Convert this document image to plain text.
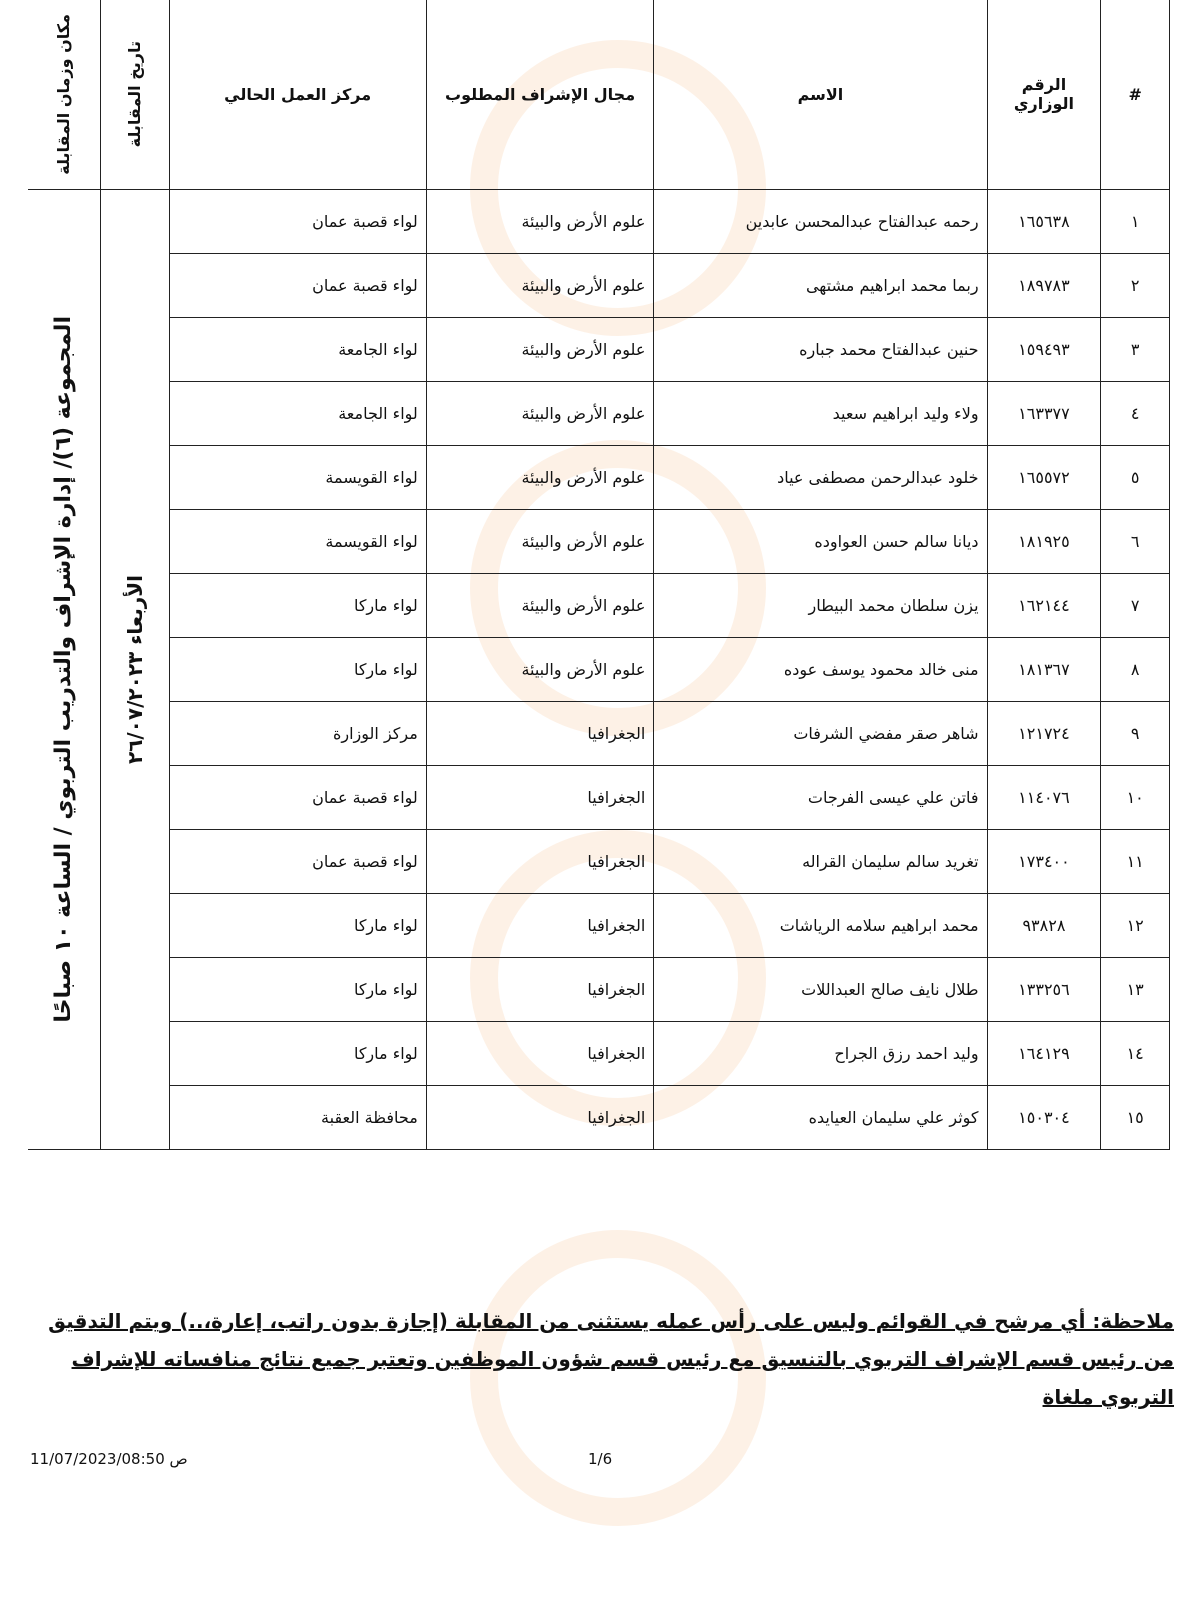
#	الرقم الوزاري	الاسم	مجال الإشراف المطلوب	مركز العمل الحالي	تاريخ المقابلة	مكان وزمان المقابلة

١	١٦٥٦٣٨	رحمه عبدالفتاح عبدالمحسن عابدين	علوم الأرض والبيئة	لواء قصبة عمان	الأربعاء ٢٦/٠٧/٢٠٢٣	المجموعة (٦)/ إدارة الإشراف والتدريب التربوي / الساعة ١٠ صباحًا

٢	١٨٩٧٨٣	ربما محمد ابراهيم مشتهى	علوم الأرض والبيئة	لواء قصبة عمان		
٣	١٥٩٤٩٣	حنين عبدالفتاح محمد جباره	علوم الأرض والبيئة	لواء الجامعة		
٤	١٦٣٣٧٧	ولاء وليد ابراهيم سعيد	علوم الأرض والبيئة	لواء الجامعة		
٥	١٦٥٥٧٢	خلود عبدالرحمن مصطفى عياد	علوم الأرض والبيئة	لواء القويسمة		
٦	١٨١٩٢٥	ديانا سالم حسن العواوده	علوم الأرض والبيئة	لواء القويسمة		
٧	١٦٢١٤٤	يزن سلطان محمد البيطار	علوم الأرض والبيئة	لواء ماركا		
٨	١٨١٣٦٧	منى خالد محمود يوسف عوده	علوم الأرض والبيئة	لواء ماركا		
٩	١٢١٧٢٤	شاهر صقر مفضي الشرفات	الجغرافيا	مركز الوزارة		
١٠	١١٤٠٧٦	فاتن علي عيسى الفرجات	الجغرافيا	لواء قصبة عمان		
١١	١٧٣٤٠٠	تغريد سالم سليمان القراله	الجغرافيا	لواء قصبة عمان		
١٢	٩٣٨٢٨	محمد ابراهيم سلامه الرياشات	الجغرافيا	لواء ماركا		
١٣	١٣٣٢٥٦	طلال نايف صالح العبداللات	الجغرافيا	لواء ماركا		
١٤	١٦٤١٢٩	وليد احمد رزق الجراح	الجغرافيا	لواء ماركا		
١٥	١٥٠٣٠٤	كوثر علي سليمان العيايده	الجغرافيا	محافظة العقبة		
ملاحظة: أي مرشح في القوائم وليس على رأس عمله يستثنى من المقابلة (إجازة بدون راتب، إعارة،..) ويتم التدقيق من رئيس قسم الإشراف التربوي بالتنسيق مع رئيس قسم شؤون الموظفين وتعتبر جميع نتائج منافساته للإشراف التربوي ملغاة
11/07/2023/08:50 ص	1/6
